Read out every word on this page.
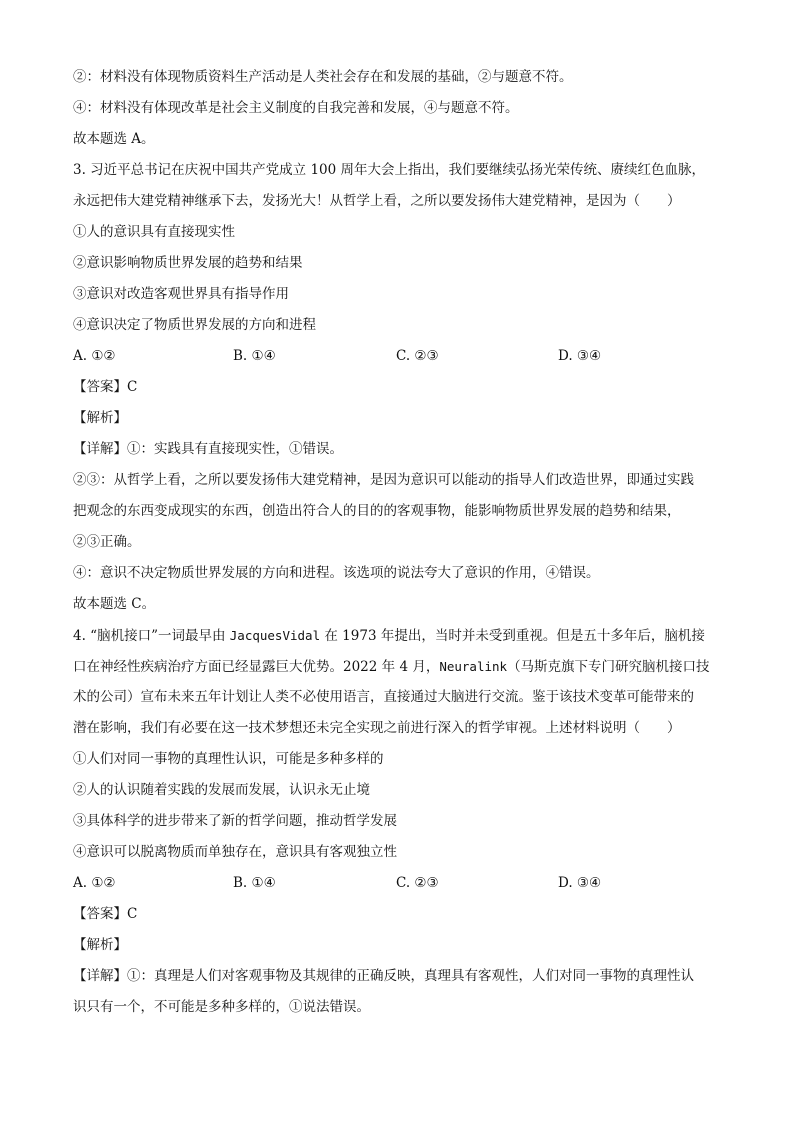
②：材料没有体现物质资料生产活动是人类社会存在和发展的基础，②与题意不符。
④：材料没有体现改革是社会主义制度的自我完善和发展，④与题意不符。
故本题选 A。
3. 习近平总书记在庆祝中国共产党成立 100 周年大会上指出，我们要继续弘扬光荣传统、赓续红色血脉，
永远把伟大建党精神继承下去，发扬光大！从哲学上看，之所以要发扬伟大建党精神，是因为（　　）
①人的意识具有直接现实性
②意识影响物质世界发展的趋势和结果
③意识对改造客观世界具有指导作用
④意识决定了物质世界发展的方向和进程
A. ①②	B. ①④	C. ②③	D. ③④
【答案】C
【解析】
【详解】①：实践具有直接现实性，①错误。
②③：从哲学上看，之所以要发扬伟大建党精神，是因为意识可以能动的指导人们改造世界，即通过实践
把观念的东西变成现实的东西，创造出符合人的目的的客观事物，能影响物质世界发展的趋势和结果，
②③正确。
④：意识不决定物质世界发展的方向和进程。该选项的说法夸大了意识的作用，④错误。
故本题选 C。
4. “脑机接口”一词最早由 JacquesVidal 在 1973 年提出，当时并未受到重视。但是五十多年后，脑机接
口在神经性疾病治疗方面已经显露巨大优势。2022 年 4 月，Neuralink（马斯克旗下专门研究脑机接口技
术的公司）宣布未来五年计划让人类不必使用语言，直接通过大脑进行交流。鉴于该技术变革可能带来的
潜在影响，我们有必要在这一技术梦想还未完全实现之前进行深入的哲学审视。上述材料说明（　　）
①人们对同一事物的真理性认识，可能是多种多样的
②人的认识随着实践的发展而发展，认识永无止境
③具体科学的进步带来了新的哲学问题，推动哲学发展
④意识可以脱离物质而单独存在，意识具有客观独立性
A. ①②	B. ①④	C. ②③	D. ③④
【答案】C
【解析】
【详解】①：真理是人们对客观事物及其规律的正确反映，真理具有客观性，人们对同一事物的真理性认
识只有一个，不可能是多种多样的，①说法错误。
